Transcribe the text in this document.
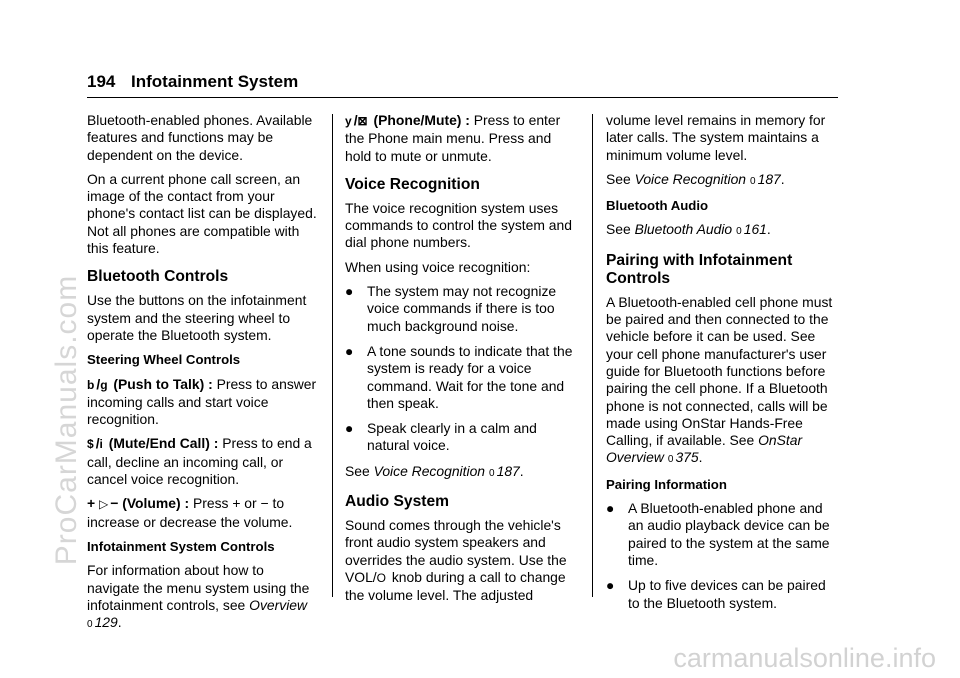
194 Infotainment System

Bluetooth-enabled phones. Available features and functions may be dependent on the device.

On a current phone call screen, an image of the contact from your phone's contact list can be displayed. Not all phones are compatible with this feature.

Bluetooth Controls

Use the buttons on the infotainment system and the steering wheel to operate the Bluetooth system.

Steering Wheel Controls

b /g (Push to Talk) : Press to answer incoming calls and start voice recognition.

$ /i (Mute/End Call) : Press to end a call, decline an incoming call, or cancel voice recognition.

+ ▷ − (Volume) : Press + or − to increase or decrease the volume.

Infotainment System Controls

For information about how to navigate the menu system using the infotainment controls, see Overview
0 129.

y /⊠ (Phone/Mute) : Press to enter the Phone main menu. Press and hold to mute or unmute.

Voice Recognition

The voice recognition system uses commands to control the system and dial phone numbers.

When using voice recognition:

● The system may not recognize voice commands if there is too much background noise.
● A tone sounds to indicate that the system is ready for a voice command. Wait for the tone and then speak.
● Speak clearly in a calm and natural voice.

See Voice Recognition 0 187.

Audio System

Sound comes through the vehicle's front audio system speakers and overrides the audio system. Use the VOL/O knob during a call to change the volume level. The adjusted

volume level remains in memory for later calls. The system maintains a minimum volume level.

See Voice Recognition 0 187.

Bluetooth Audio

See Bluetooth Audio 0 161.

Pairing with Infotainment Controls

A Bluetooth-enabled cell phone must be paired and then connected to the vehicle before it can be used. See your cell phone manufacturer's user guide for Bluetooth functions before pairing the cell phone. If a Bluetooth phone is not connected, calls will be made using OnStar Hands-Free Calling, if available. See OnStar Overview 0 375.

Pairing Information
● A Bluetooth-enabled phone and an audio playback device can be paired to the system at the same time.
● Up to five devices can be paired to the Bluetooth system.
ProCarManuals.com
carmanualsonline.info
